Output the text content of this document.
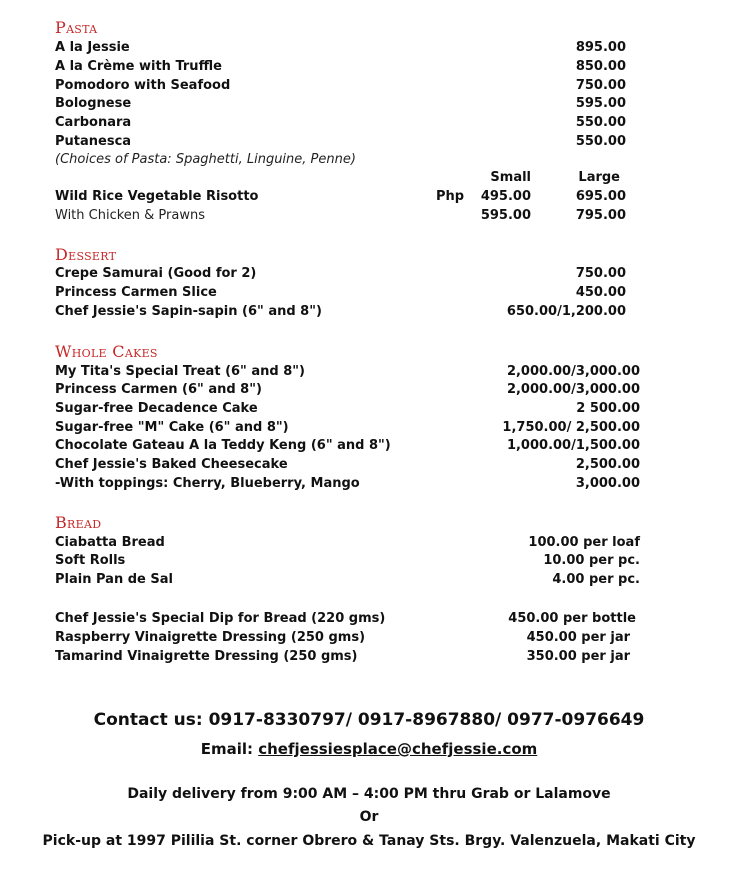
Pasta
A la Jessie	895.00
A la Crème with Truffle	850.00
Pomodoro with Seafood	750.00
Bolognese	595.00
Carbonara	550.00
Putanesca	550.00
(Choices of Pasta: Spaghetti, Linguine, Penne)
Small	Large
Wild Rice Vegetable Risotto	Php 495.00	695.00
With Chicken & Prawns	595.00	795.00
Dessert
Crepe Samurai (Good for 2)	750.00
Princess Carmen Slice	450.00
Chef Jessie's Sapin-sapin (6" and 8")	650.00/1,200.00
Whole Cakes
My Tita's Special Treat (6" and 8")	2,000.00/3,000.00
Princess Carmen (6" and 8")	2,000.00/3,000.00
Sugar-free Decadence Cake	2 500.00
Sugar-free "M" Cake (6" and 8")	1,750.00/ 2,500.00
Chocolate Gateau A la Teddy Keng (6" and 8")	1,000.00/1,500.00
Chef Jessie's Baked Cheesecake	2,500.00
-With toppings: Cherry, Blueberry, Mango	3,000.00
Bread
Ciabatta Bread	100.00 per loaf
Soft Rolls	10.00 per pc.
Plain Pan de Sal	4.00 per pc.
Chef Jessie's Special Dip for Bread (220 gms)	450.00 per bottle
Raspberry Vinaigrette Dressing (250 gms)	450.00 per jar
Tamarind Vinaigrette Dressing (250 gms)	350.00 per jar
Contact us: 0917-8330797/ 0917-8967880/ 0977-0976649
Email: chefjessiesplace@chefjessie.com
Daily delivery from 9:00 AM – 4:00 PM thru Grab or Lalamove
Or
Pick-up at 1997 Pililia St. corner Obrero & Tanay Sts. Brgy. Valenzuela, Makati City
